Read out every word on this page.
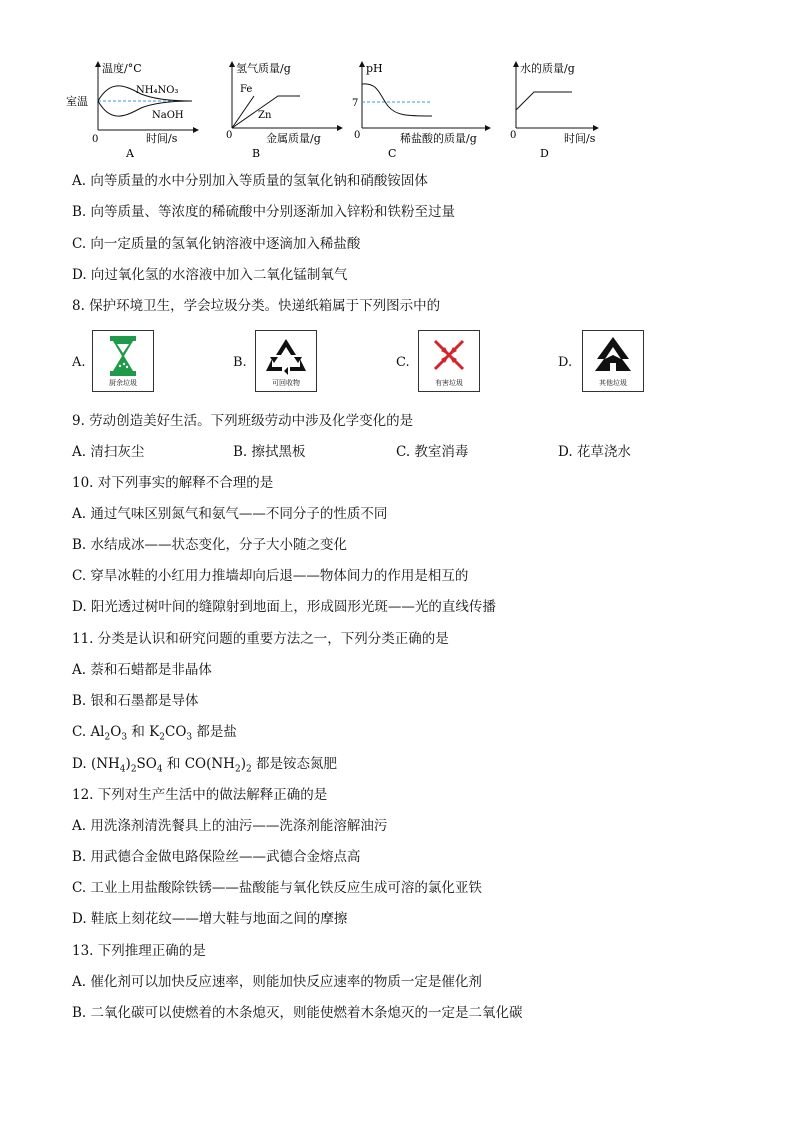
温度/°C
室温
NH₄NO₃
NaOH
0	时间/s
A
氢气质量/g
Fe
Zn
0	金属质量/g
B
pH
7
0	稀盐酸的质量/g
C
水的质量/g
0	时间/s
D
A. 向等质量的水中分别加入等质量的氢氧化钠和硝酸铵固体
B. 向等质量、等浓度的稀硫酸中分别逐渐加入锌粉和铁粉至过量
C. 向一定质量的氢氧化钠溶液中逐滴加入稀盐酸
D. 向过氧化氢的水溶液中加入二氧化锰制氧气
8. 保护环境卫生，学会垃圾分类。快递纸箱属于下列图示中的
A.
厨余垃圾
B.
可回收物
C.
有害垃圾
D.
其他垃圾
9. 劳动创造美好生活。下列班级劳动中涉及化学变化的是
A. 清扫灰尘	B. 擦拭黑板	C. 教室消毒	D. 花草浇水
10. 对下列事实的解释不合理的是
A. 通过气味区别氮气和氨气——不同分子的性质不同
B. 水结成冰——状态变化，分子大小随之变化
C. 穿旱冰鞋的小红用力推墙却向后退——物体间力的作用是相互的
D. 阳光透过树叶间的缝隙射到地面上，形成圆形光斑——光的直线传播
11. 分类是认识和研究问题的重要方法之一，下列分类正确的是
A. 萘和石蜡都是非晶体
B. 银和石墨都是导体
C. $Al_2O_3$ 和 $K_2CO_3$ 都是盐
D. $(NH_4)_2SO_4$ 和 $CO(NH_2)_2$ 都是铵态氮肥
12. 下列对生产生活中的做法解释正确的是
A. 用洗涤剂清洗餐具上的油污——洗涤剂能溶解油污
B. 用武德合金做电路保险丝——武德合金熔点高
C. 工业上用盐酸除铁锈——盐酸能与氧化铁反应生成可溶的氯化亚铁
D. 鞋底上刻花纹——增大鞋与地面之间的摩擦
13. 下列推理正确的是
A. 催化剂可以加快反应速率，则能加快反应速率的物质一定是催化剂
B. 二氧化碳可以使燃着的木条熄灭，则能使燃着木条熄灭的一定是二氧化碳
